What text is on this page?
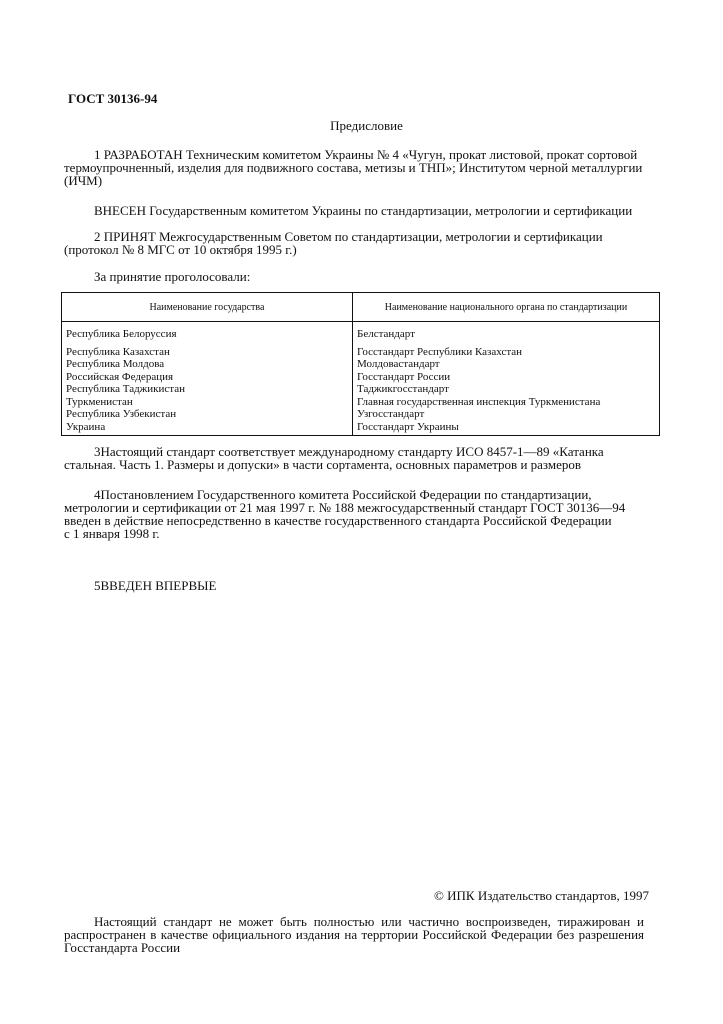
ГОСТ 30136-94
Предисловие

1 РАЗРАБОТАН Техническим комитетом Украины № 4 «Чугун, прокат листовой, прокат сортовой термоупрочненный, изделия для подвижного состава, метизы и ТНП»; Институтом черной металлургии (ИЧМ)

ВНЕСЕН Государственным комитетом Украины по стандартизации, метрологии и сертификации

2 ПРИНЯТ Межгосударственным Советом по стандартизации, метрологии и сертификации (протокол № 8 МГС от 10 октября 1995 г.)

За принятие проголосовали:

Наименование государства	Наименование национального органа по стандартизации
Республика Белоруссия	Белстандарт
Республика Казахстан	Госстандарт Республики Казахстан
Республика Молдова	Молдовастандарт
Российская Федерация	Госстандарт России
Республика Таджикистан	Таджикгосстандарт
Туркменистан	Главная государственная инспекция Туркменистана
Республика Узбекистан	Узгосстандарт
Украина	Госстандарт Украины

3Настоящий стандарт соответствует международному стандарту ИСО 8457-1—89 «Катанка стальная. Часть 1. Размеры и допуски» в части сортамента, основных параметров и размеров

4Постановлением Государственного комитета Российской Федерации по стандартизации, метрологии и сертификации от 21 мая 1997 г. № 188 межгосударственный стандарт ГОСТ 30136—94
введен в действие непосредственно в качестве государственного стандарта Российской Федерации
с 1 января 1998 г.

5ВВЕДЕН ВПЕРВЫЕ

© ИПК Издательство стандартов, 1997

Настоящий стандарт не может быть полностью или частично воспроизведен, тиражирован и распространен в качестве официального издания на терртории Российской Федерации без разрешения Госстандарта России
